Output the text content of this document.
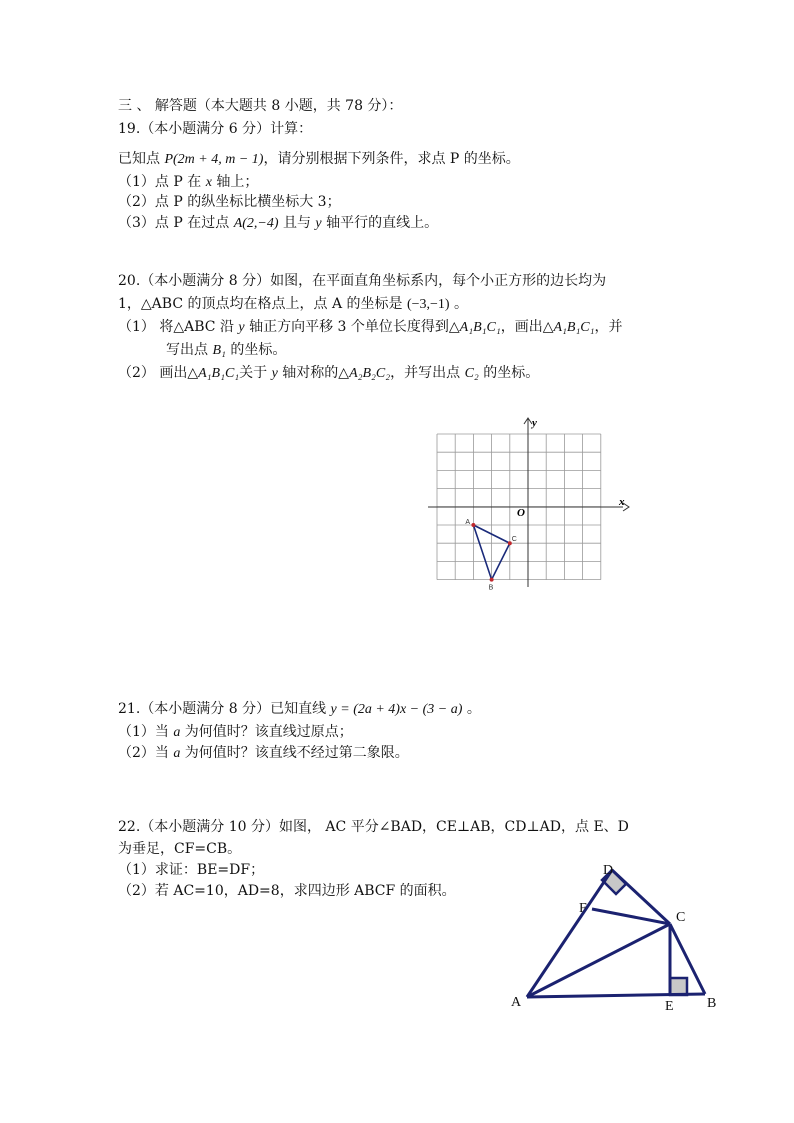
三 、 解答题（本大题共 8 小题，共 78 分）：
19.（本小题满分 6 分）计算：
已知点 P(2m + 4, m − 1)，请分别根据下列条件，求点 P 的坐标。
（1）点 P 在 x 轴上；
（2）点 P 的纵坐标比横坐标大 3；
（3）点 P 在过点 A(2,−4) 且与 y 轴平行的直线上。
20.（本小题满分 8 分）如图，在平面直角坐标系内，每个小正方形的边长均为
1，△ABC 的顶点均在格点上，点 A 的坐标是 (−3,−1) 。
（1） 将△ABC 沿 y 轴正方向平移 3 个单位长度得到△A₁B₁C₁，画出△A₁B₁C₁，并
写出点 B₁ 的坐标。
（2） 画出△A₁B₁C₁关于 y 轴对称的△A₂B₂C₂，并写出点 C₂ 的坐标。
x
y
O
A
B
C
21.（本小题满分 8 分）已知直线 y = (2a + 4)x − (3 − a) 。
（1）当 a 为何值时？该直线过原点；
（2）当 a 为何值时？该直线不经过第二象限。
22.（本小题满分 10 分）如图， AC 平分∠BAD，CE⊥AB，CD⊥AD，点 E、D
为垂足，CF=CB。
（1）求证：BE=DF；
（2）若 AC=10，AD=8，求四边形 ABCF 的面积。
A	B
C
D
E
F
